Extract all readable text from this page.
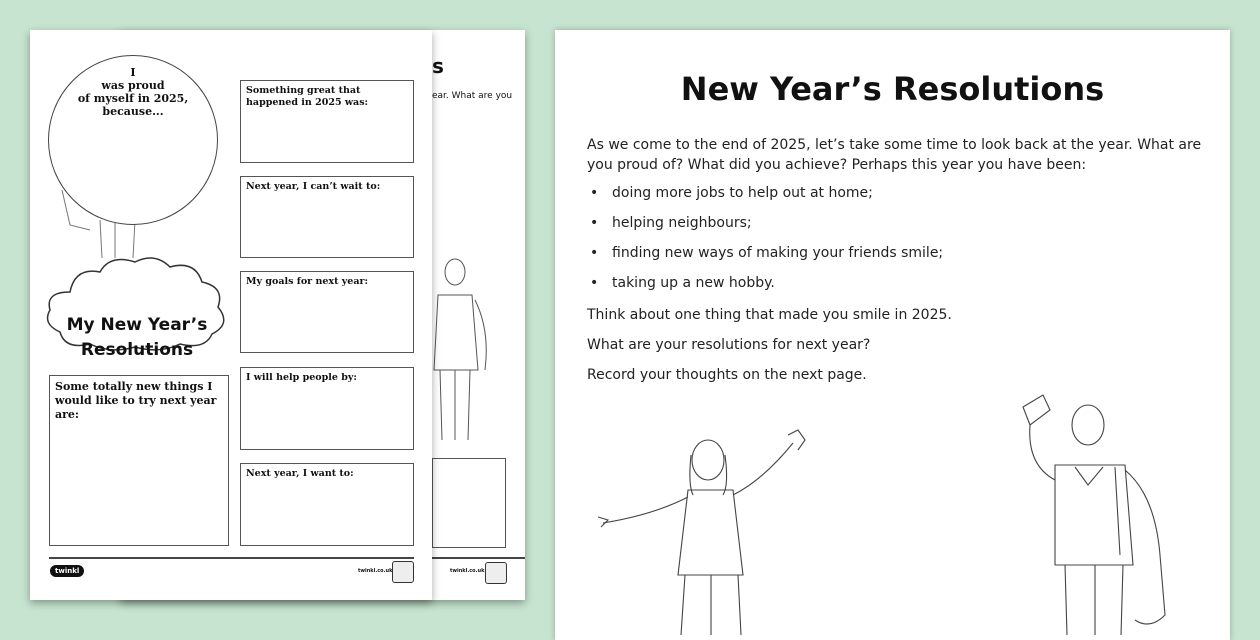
s
ear. What are you
twinkl.co.uk
I
was proud
of myself in 2025,
because...
My New Year’s
Resolutions
Something great that happened in 2025 was:
Next year, I can’t wait to:
My goals for next year:
I will help people by:
Next year, I want to:
Some totally new things I would like to try next year are:
twinkl	twinkl.co.uk
New Year’s Resolutions
As we come to the end of 2025, let’s take some time to look back at the year. What are you proud of? What did you achieve? Perhaps this year you have been:
• doing more jobs to help out at home;
• helping neighbours;
• finding new ways of making your friends smile;
• taking up a new hobby.
Think about one thing that made you smile in 2025.
What are your resolutions for next year?
Record your thoughts on the next page.
